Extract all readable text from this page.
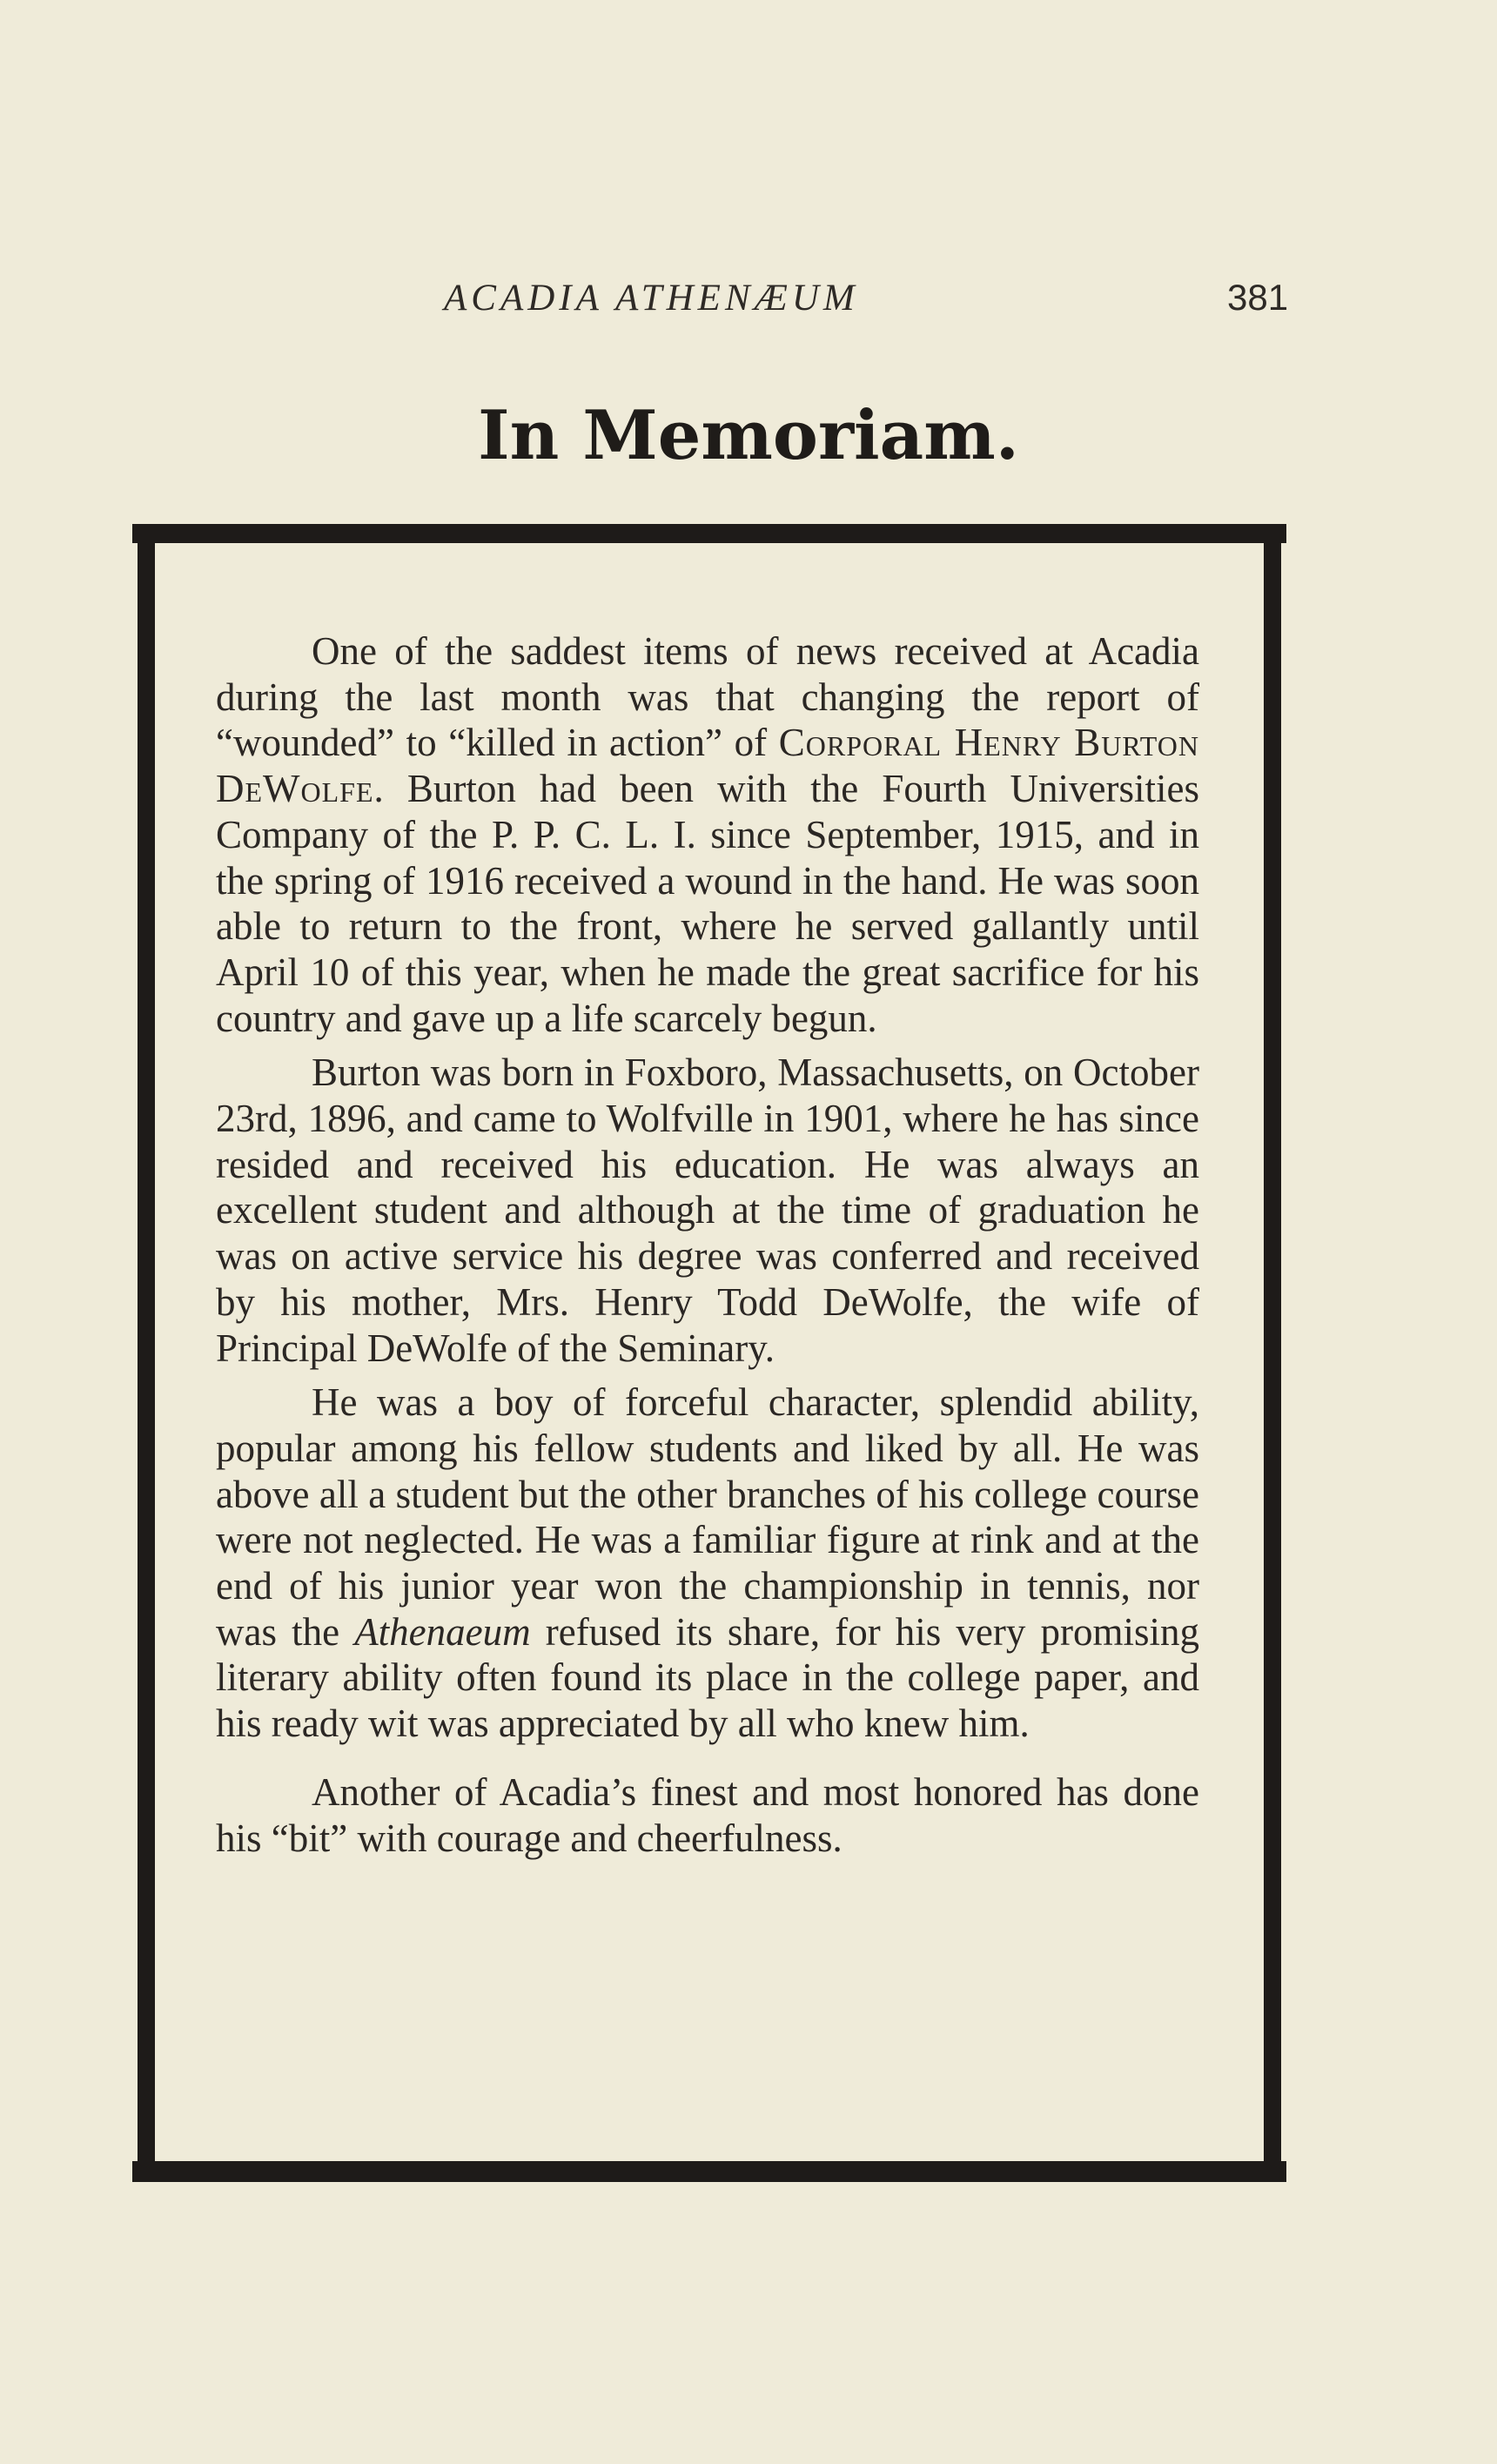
ACADIA ATHENÆUM	381
In Memoriam.

One of the saddest items of news received at Acadia during the last month was that changing the report of “wounded” to “killed in action” of Corporal Henry Burton DeWolfe. Burton had been with the Fourth Universities Company of the P. P. C. L. I. since September, 1915, and in the spring of 1916 received a wound in the hand. He was soon able to return to the front, where he served gallantly until April 10 of this year, when he made the great sacrifice for his country and gave up a life scarcely begun.

Burton was born in Foxboro, Massachusetts, on October 23rd, 1896, and came to Wolfville in 1901, where he has since resided and received his education. He was always an excellent student and although at the time of graduation he was on active service his degree was conferred and received by his mother, Mrs. Henry Todd DeWolfe, the wife of Principal DeWolfe of the Seminary.

He was a boy of forceful character, splendid ability, popular among his fellow students and liked by all. He was above all a student but the other branches of his college course were not neglected. He was a familiar figure at rink and at the end of his junior year won the championship in tennis, nor was the Athenaeum refused its share, for his very promising literary ability often found its place in the college paper, and his ready wit was appreciated by all who knew him.

Another of Acadia’s finest and most honored has done his “bit” with courage and cheerfulness.
